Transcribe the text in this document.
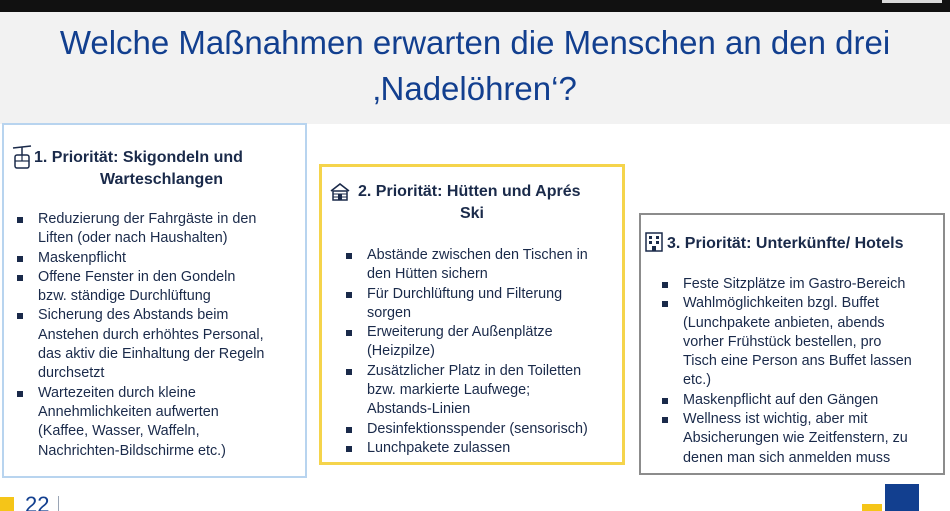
Welche Maßnahmen erwarten die Menschen an den drei ‚Nadelöhren‘?
1. Priorität: Skigondeln und
Warteschlangen
Reduzierung der Fahrgäste in den
Liften (oder nach Haushalten)
Maskenpflicht
Offene Fenster in den Gondeln
bzw. ständige Durchlüftung
Sicherung des Abstands beim
Anstehen durch erhöhtes Personal,
das aktiv die Einhaltung der Regeln
durchsetzt
Wartezeiten durch kleine
Annehmlichkeiten aufwerten
(Kaffee, Wasser, Waffeln,
Nachrichten-Bildschirme etc.)
2. Priorität: Hütten und Aprés
Ski
Abstände zwischen den Tischen in
den Hütten sichern
Für Durchlüftung und Filterung
sorgen
Erweiterung der Außenplätze
(Heizpilze)
Zusätzlicher Platz in den Toiletten
bzw. markierte Laufwege;
Abstands-Linien
Desinfektionsspender (sensorisch)
Lunchpakete zulassen
3. Priorität: Unterkünfte/ Hotels
Feste Sitzplätze im Gastro-Bereich
Wahlmöglichkeiten bzgl. Buffet
(Lunchpakete anbieten, abends
vorher Frühstück bestellen, pro
Tisch eine Person ans Buffet lassen
etc.)
Maskenpflicht auf den Gängen
Wellness ist wichtig, aber mit
Absicherungen wie Zeitfenstern, zu
denen man sich anmelden muss
22
